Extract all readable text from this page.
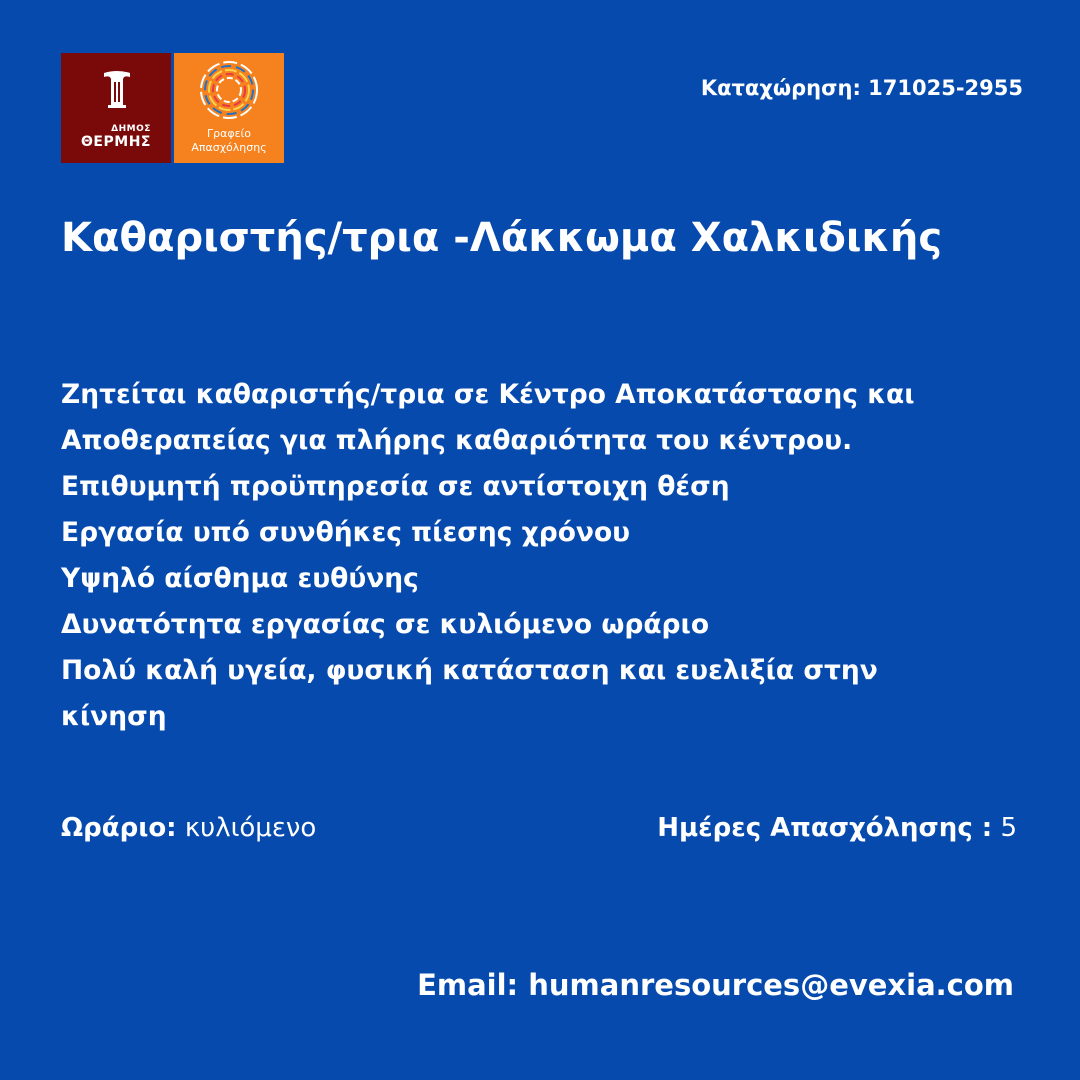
ΔΗΜΟΣ
ΘΕΡΜΗΣ
Γραφείο
Απασχόλησης
Καταχώρηση: 171025-2955
Καθαριστής/τρια -Λάκκωμα Χαλκιδικής
Ζητείται καθαριστής/τρια σε Κέντρο Αποκατάστασης και
Αποθεραπείας για πλήρης καθαριότητα του κέντρου.
Επιθυμητή προϋπηρεσία σε αντίστοιχη θέση
Εργασία υπό συνθήκες πίεσης χρόνου
Υψηλό αίσθημα ευθύνης
Δυνατότητα εργασίας σε κυλιόμενο ωράριο
Πολύ καλή υγεία, φυσική κατάσταση και ευελιξία στην
κίνηση
Ωράριο: κυλιόμενο	Ημέρες Απασχόλησης : 5
Email: humanresources@evexia.com
